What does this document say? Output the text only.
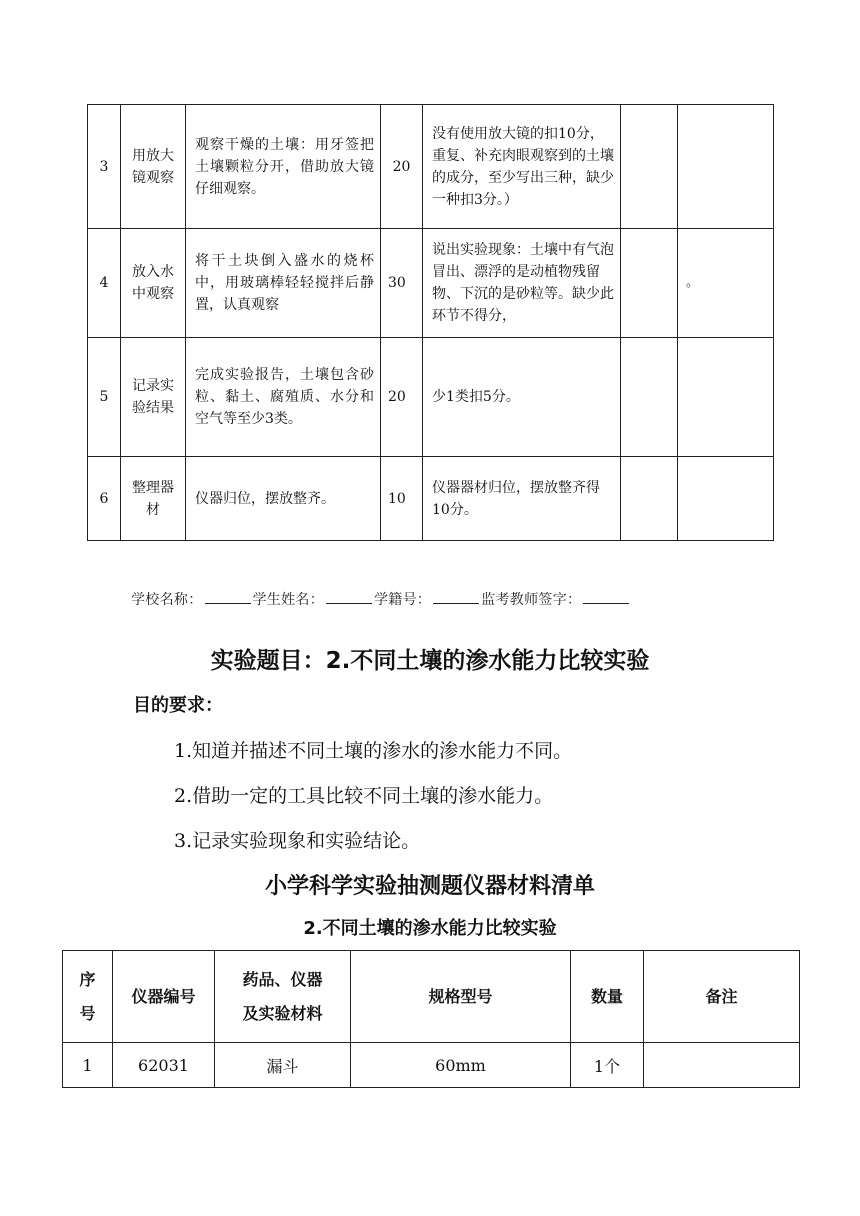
3	用放大镜观察	观察干燥的土壤：用牙签把土壤颗粒分开，借助放大镜仔细观察。	20	没有使用放大镜的扣10分，重复、补充肉眼观察到的土壤的成分，至少写出三种，缺少一种扣3分。）		
4	放入水中观察	将干土块倒入盛水的烧杯中，用玻璃棒轻轻搅拌后静置，认真观察	30	说出实验现象：土壤中有气泡冒出、漂浮的是动植物残留物、下沉的是砂粒等。缺少此环节不得分，		。
5	记录实验结果	完成实验报告，土壤包含砂粒、黏土、腐殖质、水分和空气等至少3类。	20	少1类扣5分。		
6	整理器材	仪器归位，摆放整齐。	10	仪器器材归位，摆放整齐得10分。		
学校名称：	学生姓名：	学籍号：	监考教师签字：
实验题目：2.不同土壤的渗水能力比较实验
目的要求：
1.知道并描述不同土壤的渗水的渗水能力不同。
2.借助一定的工具比较不同土壤的渗水能力。
3.记录实验现象和实验结论。
小学科学实验抽测题仪器材料清单
2.不同土壤的渗水能力比较实验
序
号	仪器编号	药品、仪器
及实验材料	规格型号	数量	备注
1	62031	漏斗	60mm	1个	
